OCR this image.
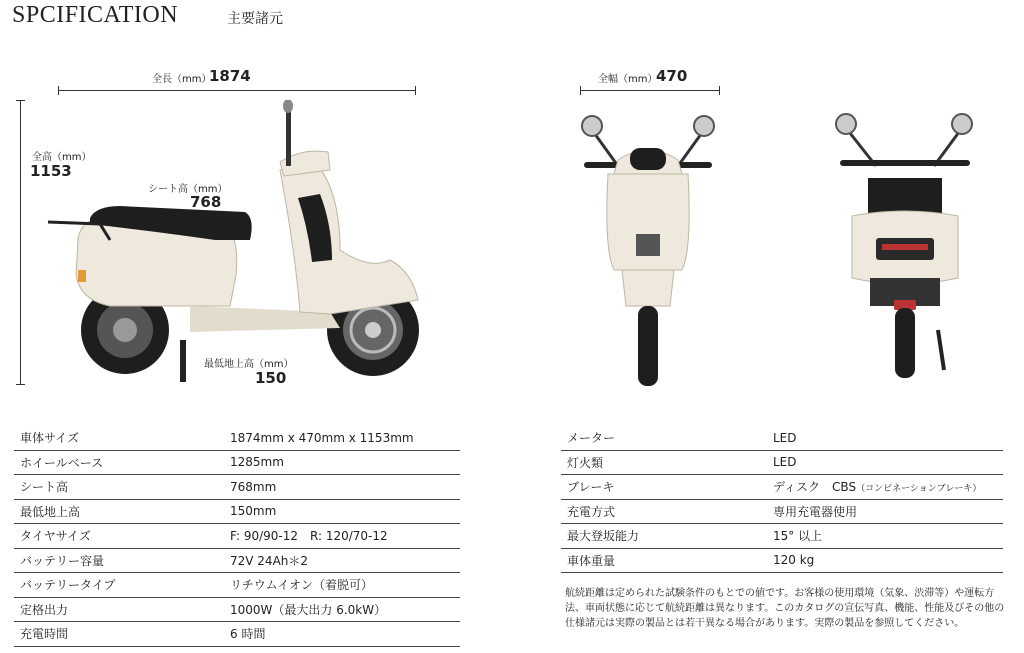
SPCIFICATION	主要諸元
全長（mm）
1874
全高（mm）
1153
シート高（mm）
768
最低地上高（mm）
150
全幅（mm）
470
車体サイズ	1874mm x 470mm x 1153mm
ホイールベース	1285mm
シート高	768mm
最低地上高	150mm
タイヤサイズ	F: 90/90-12　R: 120/70-12
バッテリー容量	72V 24Ah＊2
バッテリータイプ	リチウムイオン（着脱可）
定格出力	1000W（最大出力 6.0kW）
充電時間	6 時間
メーター	LED
灯火類	LED
ブレーキ	ディスク　CBS（コンビネーションブレーキ）
充電方式	専用充電器使用
最大登坂能力	15° 以上
車体重量	120 kg
航続距離は定められた試験条件のもとでの値です。お客様の使用環境（気象、渋滞等）や運転方法、車両状態に応じて航続距離は異なります。このカタログの宣伝写真、機能、性能及びその他の仕様諸元は実際の製品とは若干異なる場合があります。実際の製品を参照してください。
